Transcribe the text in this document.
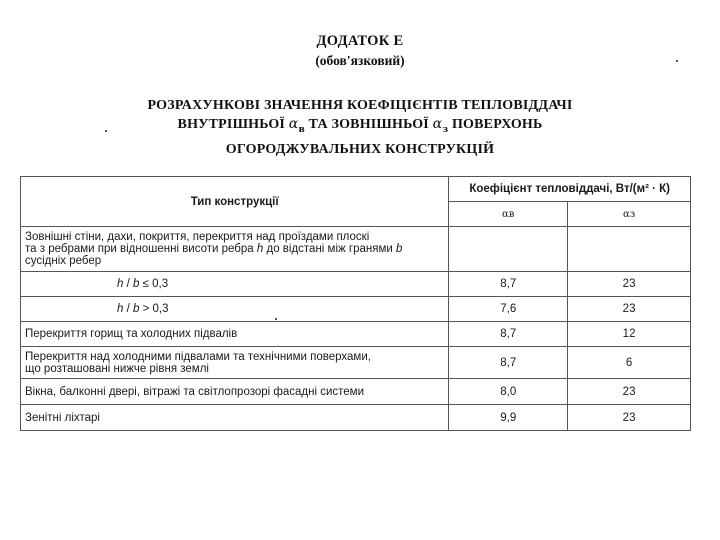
ДОДАТОК Е
(обов'язковий)
РОЗРАХУНКОВІ ЗНАЧЕННЯ КОЕФІЦІЄНТІВ ТЕПЛОВІДДАЧІ
ВНУТРІШНЬОЇ $\alpha_в$ ТА ЗОВНІШНЬОЇ $\alpha_з$ ПОВЕРХОНЬ
ОГОРОДЖУВАЛЬНИХ КОНСТРУКЦІЙ
Тип конструкції	Коефіцієнт тепловіддачі, Вт/(м² · К)	
	αв	αз
Зовнішні стіни, дахи, покриття, перекриття над проїздами плоскі
та з ребрами при відношенні висоти ребра h до відстані між гранями b
сусідніх ребер		
h / b ≤ 0,3	8,7	23
h / b > 0,3	7,6	23
Перекриття горищ та холодних підвалів	8,7	12
Перекриття над холодними підвалами та технічними поверхами,
що розташовані нижче рівня землі	8,7	6
Вікна, балконні двері, вітражі та світлопрозорі фасадні системи	8,0	23
Зенітні ліхтарі	9,9	23
